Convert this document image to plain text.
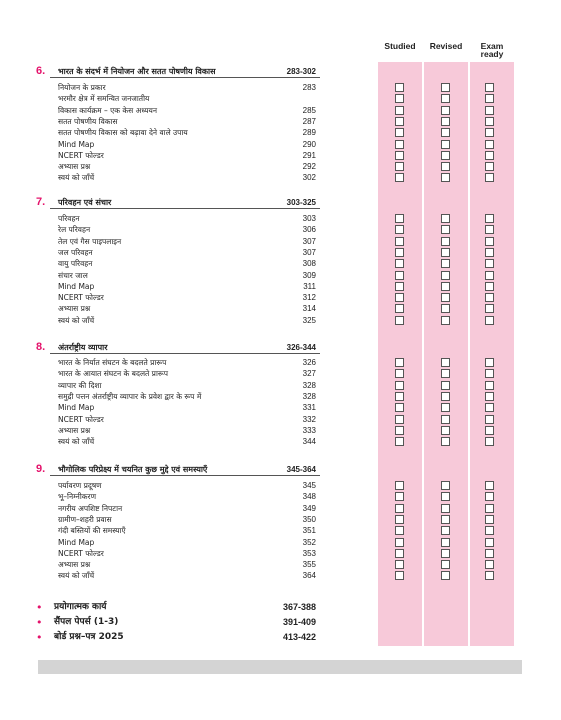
Studied	Revised	Exam
ready
6. भारत के संदर्भ में नियोजन और सतत पोषणीय विकास	283-302
नियोजन के प्रकार	283
भरमौर क्षेत्र में समन्वित जनजातीय
विकास कार्यक्रम – एक केस अध्ययन	285
सतत पोषणीय विकास	287
सतत पोषणीय विकास को बढ़ावा देने वाले उपाय	289
Mind Map	290
NCERT फोल्डर	291
अभ्यास प्रश्न	292
स्वयं को जाँचें	302
7. परिवहन एवं संचार	303-325
परिवहन	303
रेल परिवहन	306
तेल एवं गैस पाइपलाइन	307
जल परिवहन	307
वायु परिवहन	308
संचार जाल	309
Mind Map	311
NCERT फोल्डर	312
अभ्यास प्रश्न	314
स्वयं को जाँचें	325
8. अंतर्राष्ट्रीय व्यापार	326-344
भारत के निर्यात संघटन के बदलते प्रारूप	326
भारत के आयात संघटन के बदलते प्रारूप	327
व्यापार की दिशा	328
समुद्री पत्तन अंतर्राष्ट्रीय व्यापार के प्रवेश द्वार के रूप में	328
Mind Map	331
NCERT फोल्डर	332
अभ्यास प्रश्न	333
स्वयं को जाँचें	344
9. भौगोलिक परिप्रेक्ष्य में चयनित कुछ मुद्दे एवं समस्याएँ	345-364
पर्यावरण प्रदूषण	345
भू–निम्नीकरण	348
नगरीय अपशिष्ट निपटान	349
ग्रामीण–शहरी प्रवास	350
गंदी बस्तियों की समस्याएँ	351
Mind Map	352
NCERT फोल्डर	353
अभ्यास प्रश्न	355
स्वयं को जाँचें	364
• प्रयोगात्मक कार्य	367-388
• सैंपल पेपर्स (1-3)	391-409
• बोर्ड प्रश्न–पत्र 2025	413-422
